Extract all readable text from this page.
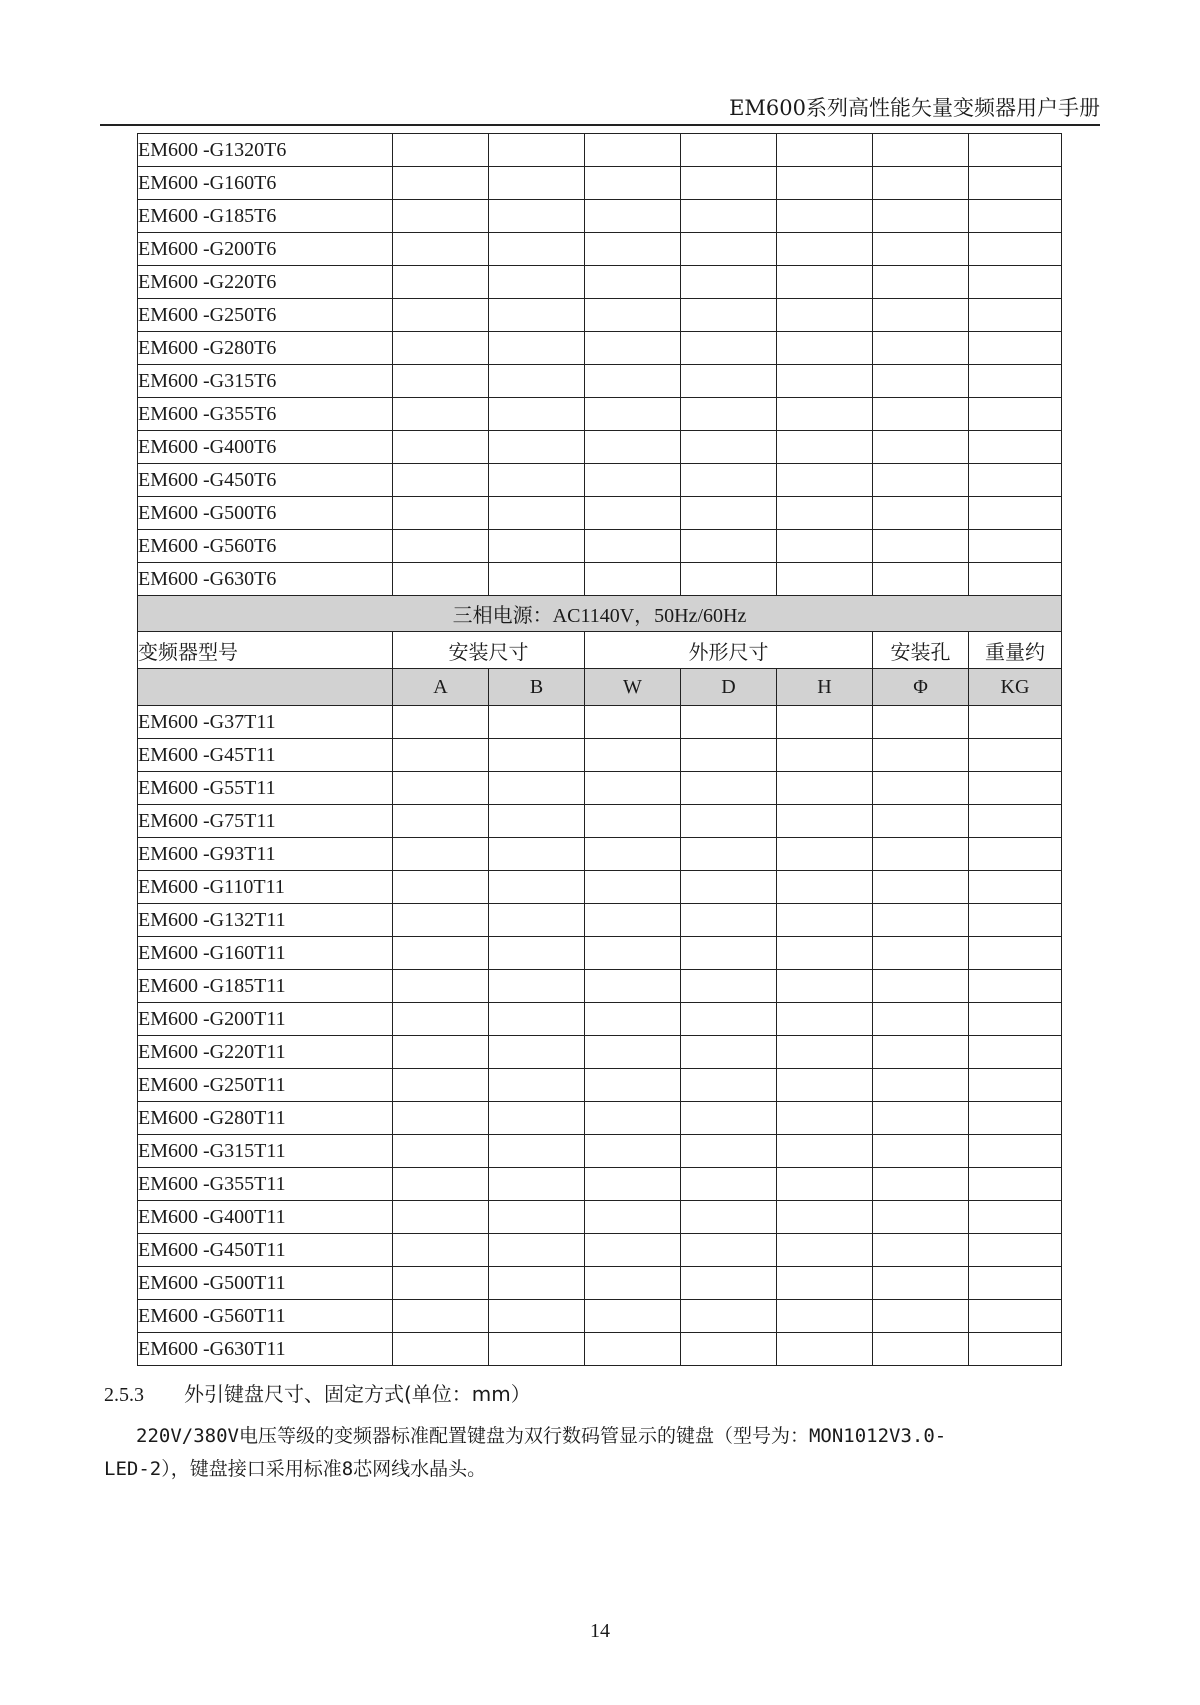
EM600系列高性能矢量变频器用户手册
EM600 -G1320T6							
EM600 -G160T6							
EM600 -G185T6							
EM600 -G200T6							
EM600 -G220T6							
EM600 -G250T6							
EM600 -G280T6							
EM600 -G315T6							
EM600 -G355T6							
EM600 -G400T6							
EM600 -G450T6							
EM600 -G500T6							
EM600 -G560T6							
EM600 -G630T6							
三相电源：AC1140V，50Hz/60Hz							
变频器型号	安装尺寸		外形尺寸			安装孔	重量约
	A	B	W	D	H	Φ	KG
EM600 -G37T11							
EM600 -G45T11							
EM600 -G55T11							
EM600 -G75T11							
EM600 -G93T11							
EM600 -G110T11							
EM600 -G132T11							
EM600 -G160T11							
EM600 -G185T11							
EM600 -G200T11							
EM600 -G220T11							
EM600 -G250T11							
EM600 -G280T11							
EM600 -G315T11							
EM600 -G355T11							
EM600 -G400T11							
EM600 -G450T11							
EM600 -G500T11							
EM600 -G560T11							
EM600 -G630T11							
2.5.3 外引键盘尺寸、固定方式(单位：mm）
220V/380V电压等级的变频器标准配置键盘为双行数码管显示的键盘（型号为：MON1012V3.0-
LED-2），键盘接口采用标准8芯网线水晶头。
14
